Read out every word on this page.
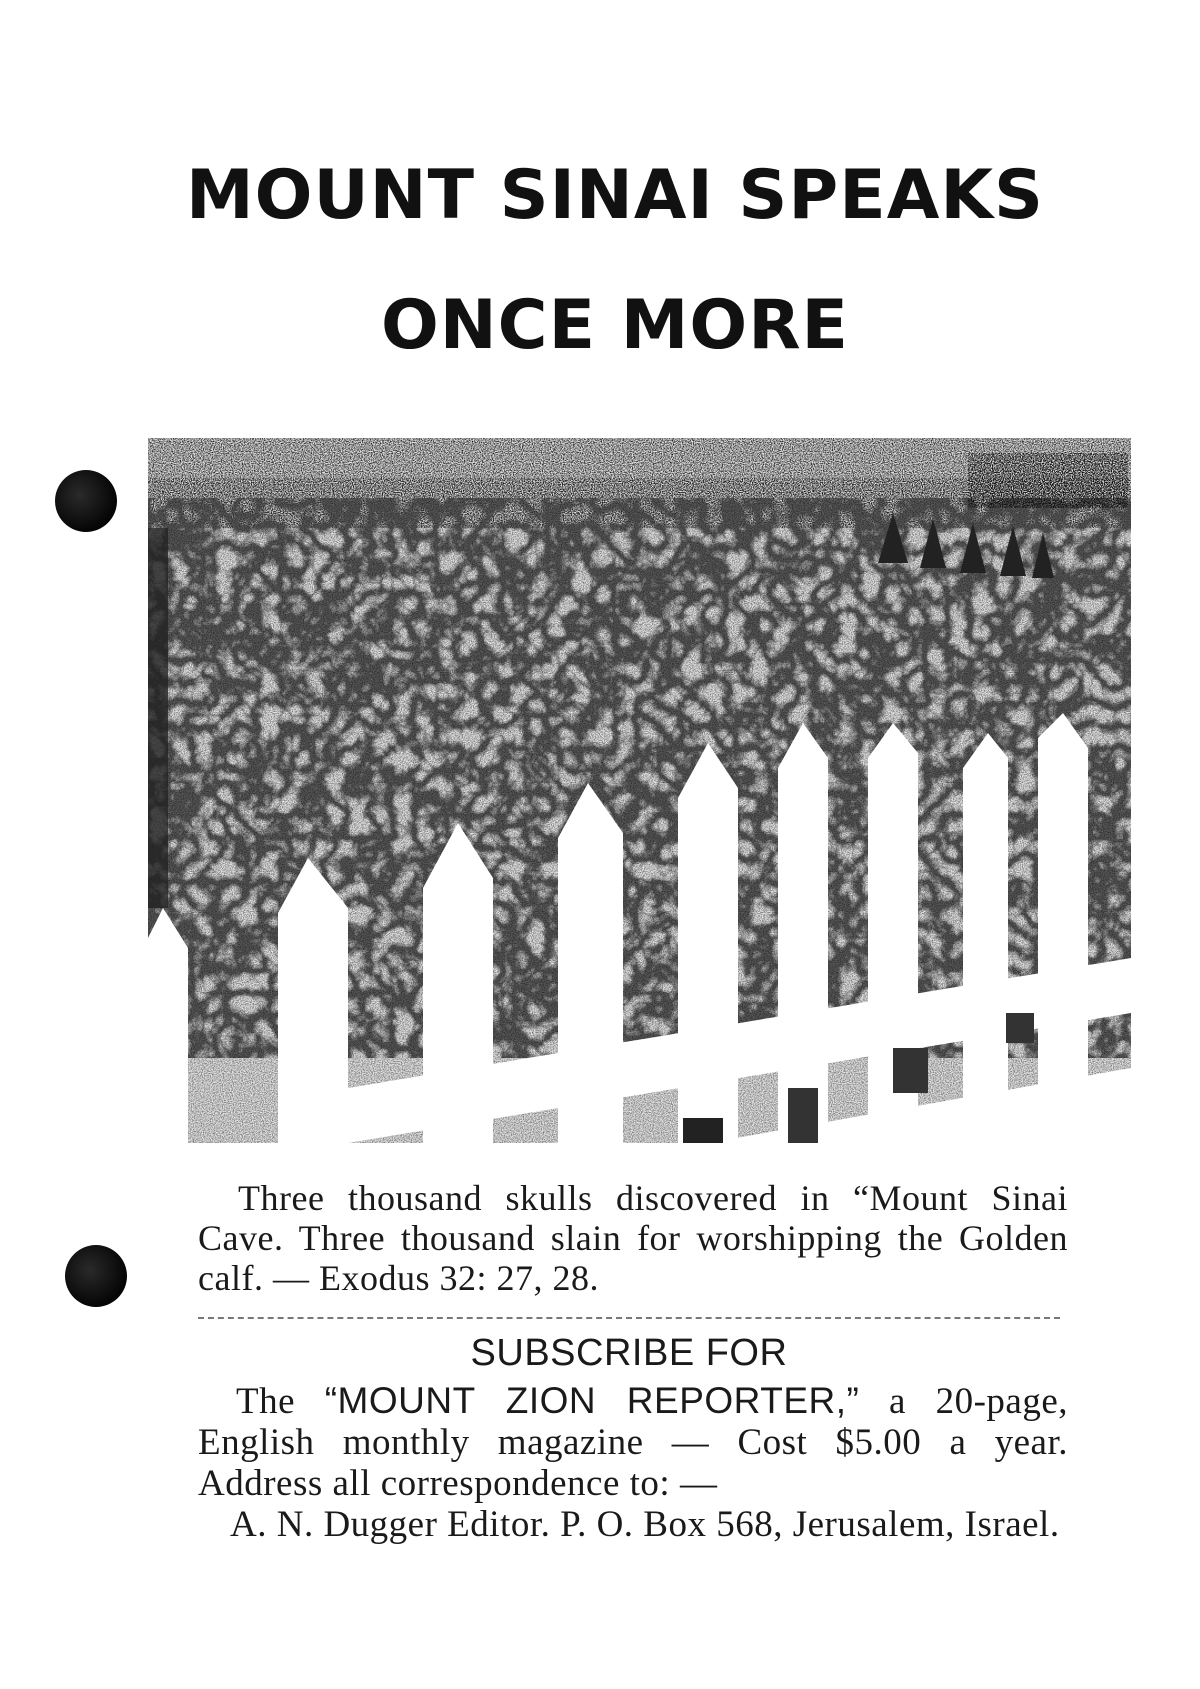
MOUNT SINAI SPEAKS
ONCE MORE
Three thousand skulls discovered in “Mount Sinai Cave. Three thousand slain for worshipping the Golden calf. — Exodus 32: 27, 28.
SUBSCRIBE FOR
The “MOUNT ZION REPORTER,” a 20-page, English monthly magazine — Cost $5.00 a year. Address all correspondence to: —
A. N. Dugger Editor. P. O. Box 568, Jerusalem, Israel.
